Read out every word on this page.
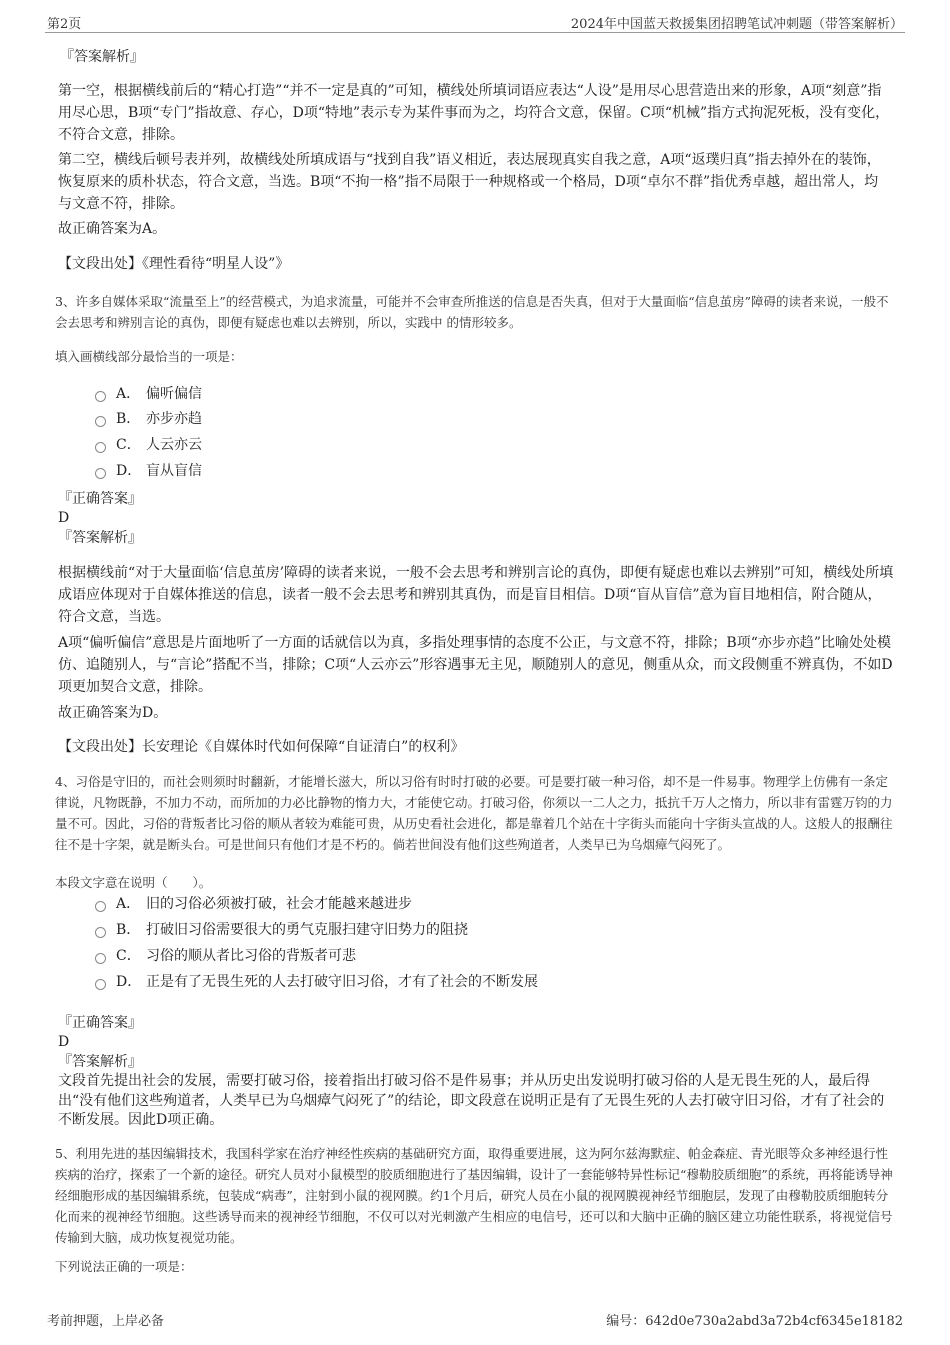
第2页	2024年中国蓝天救援集团招聘笔试冲刺题（带答案解析）

『答案解析』

第一空，根据横线前后的“精心打造”“并不一定是真的”可知，横线处所填词语应表达“人设”是用尽心思营造出来的形象，A项“刻意”指用尽心思，B项“专门”指故意、存心，D项“特地”表示专为某件事而为之，均符合文意，保留。C项“机械”指方式拘泥死板，没有变化，不符合文意，排除。

第二空，横线后顿号表并列，故横线处所填成语与“找到自我”语义相近，表达展现真实自我之意，A项“返璞归真”指去掉外在的装饰，恢复原来的质朴状态，符合文意，当选。B项“不拘一格”指不局限于一种规格或一个格局，D项“卓尔不群”指优秀卓越，超出常人，均与文意不符，排除。

故正确答案为A。

【文段出处】《理性看待“明星人设”》

3、许多自媒体采取“流量至上”的经营模式，为追求流量，可能并不会审查所推送的信息是否失真，但对于大量面临“信息茧房”障碍的读者来说，一般不会去思考和辨别言论的真伪，即便有疑虑也难以去辨别，所以，实践中 的情形较多。

填入画横线部分最恰当的一项是：

A． 偏听偏信
B． 亦步亦趋
C． 人云亦云
D． 盲从盲信

『正确答案』

D

『答案解析』

根据横线前“对于大量面临‘信息茧房’障碍的读者来说，一般不会去思考和辨别言论的真伪，即便有疑虑也难以去辨别”可知，横线处所填成语应体现对于自媒体推送的信息，读者一般不会去思考和辨别其真伪，而是盲目相信。D项“盲从盲信”意为盲目地相信，附合随从，符合文意，当选。

A项“偏听偏信”意思是片面地听了一方面的话就信以为真，多指处理事情的态度不公正，与文意不符，排除；B项“亦步亦趋”比喻处处模仿、追随别人，与“言论”搭配不当，排除；C项“人云亦云”形容遇事无主见，顺随别人的意见，侧重从众，而文段侧重不辨真伪，不如D项更加契合文意，排除。

故正确答案为D。

【文段出处】长安理论《自媒体时代如何保障“自证清白”的权利》

4、习俗是守旧的，而社会则须时时翻新，才能增长滋大，所以习俗有时时打破的必要。可是要打破一种习俗，却不是一件易事。物理学上仿佛有一条定律说，凡物既静，不加力不动，而所加的力必比静物的惰力大，才能使它动。打破习俗，你须以一二人之力，抵抗千万人之惰力，所以非有雷霆万钧的力量不可。因此，习俗的背叛者比习俗的顺从者较为难能可贵，从历史看社会进化，都是靠着几个站在十字街头而能向十字街头宣战的人。这般人的报酬往往不是十字架，就是断头台。可是世间只有他们才是不朽的。倘若世间没有他们这些殉道者，人类早已为乌烟瘴气闷死了。

本段文字意在说明（　　）。

A． 旧的习俗必须被打破，社会才能越来越进步
B． 打破旧习俗需要很大的勇气克服扫建守旧势力的阻挠
C． 习俗的顺从者比习俗的背叛者可悲
D． 正是有了无畏生死的人去打破守旧习俗，才有了社会的不断发展

『正确答案』

D

『答案解析』

文段首先提出社会的发展，需要打破习俗，接着指出打破习俗不是件易事；并从历史出发说明打破习俗的人是无畏生死的人，最后得出“没有他们这些殉道者，人类早已为乌烟瘴气闷死了”的结论，即文段意在说明正是有了无畏生死的人去打破守旧习俗，才有了社会的不断发展。因此D项正确。

5、利用先进的基因编辑技术，我国科学家在治疗神经性疾病的基础研究方面，取得重要进展，这为阿尔兹海默症、帕金森症、青光眼等众多神经退行性疾病的治疗，探索了一个新的途径。研究人员对小鼠模型的胶质细胞进行了基因编辑，设计了一套能够特异性标记“穆勒胶质细胞”的系统，再将能诱导神经细胞形成的基因编辑系统，包装成“病毒”，注射到小鼠的视网膜。约1个月后，研究人员在小鼠的视网膜视神经节细胞层，发现了由穆勒胶质细胞转分化而来的视神经节细胞。这些诱导而来的视神经节细胞，不仅可以对光刺激产生相应的电信号，还可以和大脑中正确的脑区建立功能性联系，将视觉信号传输到大脑，成功恢复视觉功能。

下列说法正确的一项是：

考前押题，上岸必备	编号：642d0e730a2abd3a72b4cf6345e18182
